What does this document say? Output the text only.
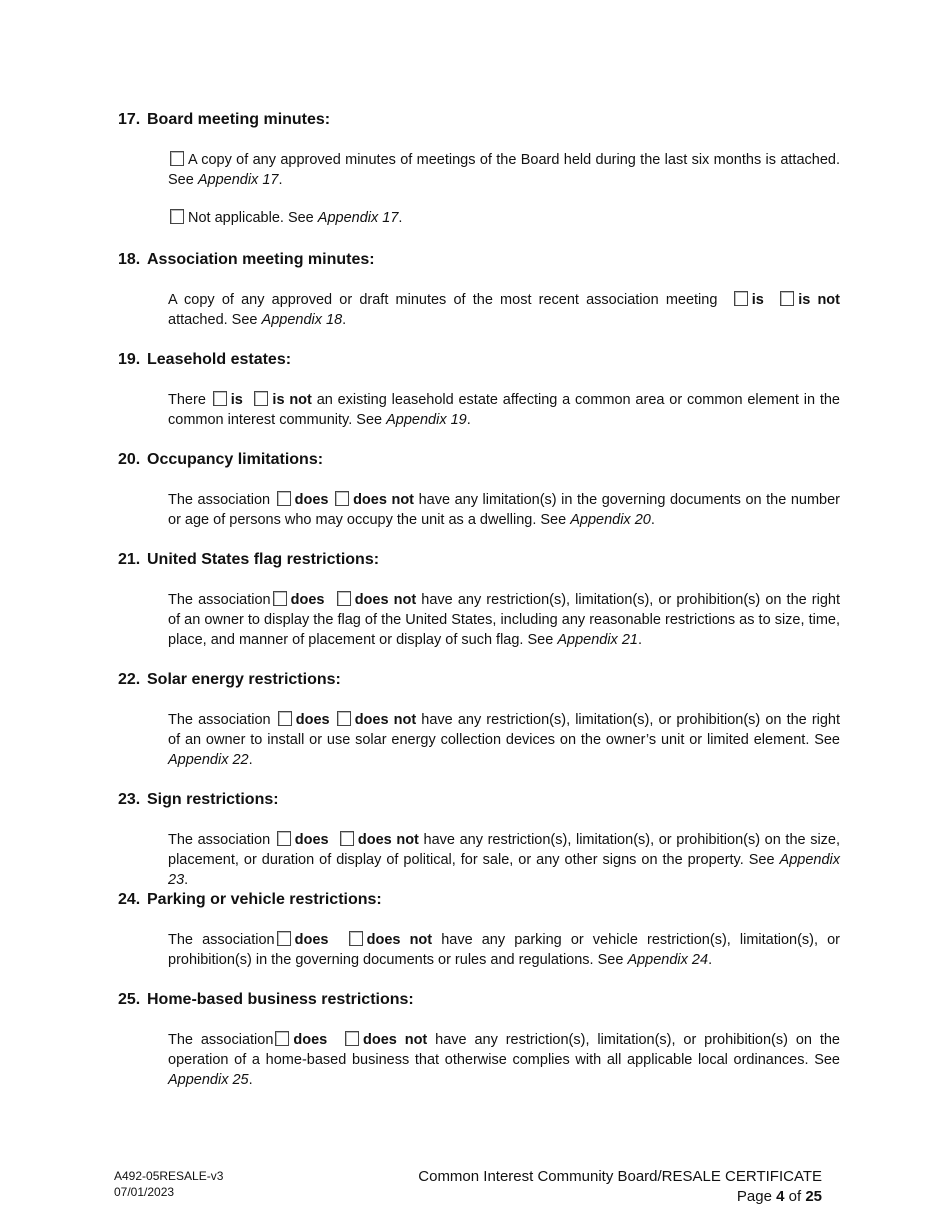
17. Board meeting minutes:

A copy of any approved minutes of meetings of the Board held during the last six months is attached. See Appendix 17.

Not applicable. See Appendix 17.

18. Association meeting minutes:

A copy of any approved or draft minutes of the most recent association meeting is is not attached. See Appendix 18.

19. Leasehold estates:

There is is not an existing leasehold estate affecting a common area or common element in the common interest community. See Appendix 19.

20. Occupancy limitations:

The association does does not have any limitation(s) in the governing documents on the number or age of persons who may occupy the unit as a dwelling. See Appendix 20.

21. United States flag restrictions:

The association does does not have any restriction(s), limitation(s), or prohibition(s) on the right of an owner to display the flag of the United States, including any reasonable restrictions as to size, time, place, and manner of placement or display of such flag. See Appendix 21.

22. Solar energy restrictions:

The association does does not have any restriction(s), limitation(s), or prohibition(s) on the right of an owner to install or use solar energy collection devices on the owner’s unit or limited element. See Appendix 22.

23. Sign restrictions:

The association does does not have any restriction(s), limitation(s), or prohibition(s) on the size, placement, or duration of display of political, for sale, or any other signs on the property. See Appendix 23.

24. Parking or vehicle restrictions:

The association does	does not have any parking or vehicle restriction(s), limitation(s), or prohibition(s) in the governing documents or rules and regulations. See Appendix 24.

25. Home-based business restrictions:

The association does does not have any restriction(s), limitation(s), or prohibition(s) on the operation of a home-based business that otherwise complies with all applicable local ordinances. See Appendix 25.

A492-05RESALE-v3
07/01/2023
Common Interest Community Board/RESALE CERTIFICATE
Page 4 of 25
